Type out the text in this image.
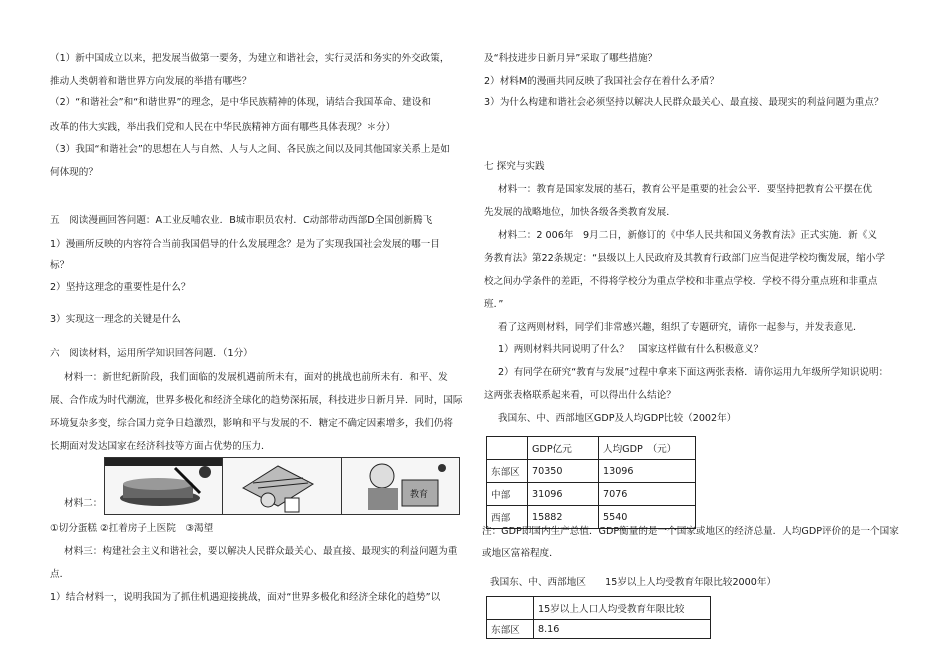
（1）新中国成立以来，把发展当做第一要务，为建立和谐社会，实行灵活和务实的外交政策，
推动人类朝着和谐世界方向发展的举措有哪些？
（2）“和谐社会”和“和谐世界”的理念，是中华民族精神的体现，请结合我国革命、建设和
改革的伟大实践，举出我们党和人民在中华民族精神方面有哪些具体表现？＊分）
（3）我国“和谐社会”的思想在人与自然、人与人之间、各民族之间以及同其他国家关系上是如
何体现的？
五　阅读漫画回答问题：A工业反哺农业．B城市职员农村．C动部带动西部D全国创新腾飞
1）漫画所反映的内容符合当前我国倡导的什么发展理念？是为了实现我国社会发展的哪一目
标？
2）坚持这理念的重要性是什么？
3）实现这一理念的关键是什么
六　阅读材料，运用所学知识回答问题．（1分）
材料一：新世纪新阶段，我们面临的发展机遇前所未有，面对的挑战也前所未有．和平、发
展、合作成为时代潮流，世界多极化和经济全球化的趋势深拓展，科技进步日新月异．同时，国际
环境复杂多变，综合国力竞争日趋激烈，影响和平与发展的不．糖定不确定因素增多，我们仍将
长期面对发达国家在经济科技等方面占优势的压力．
材料二：
①切分蛋糕 ②扛着房子上医院　③渴望
材料三：构建社会主义和谐社会，要以解决人民群众最关心、最直接、最现实的利益问题为重
点．
1）结合材料一，说明我国为了抓住机遇迎接挑战，面对“世界多极化和经济全球化的趋势”以
教育
及“科技进步日新月异”采取了哪些措施？
2）材料M的漫画共同反映了我国社会存在着什么矛盾？
3）为什么构建和谐社会必须坚持以解决人民群众最关心、最直接、最现实的利益问题为重点？
七 探究与实践
材料一：教育是国家发展的基石，教育公平是重要的社会公平．要坚持把教育公平摆在优
先发展的战略地位，加快各级各类教育发展．
材料二：2 006年　9月二日，新修订的《中华人民共和国义务教育法》正式实施．新《义
务教育法》第22条规定：“县级以上人民政府及其教育行政部门应当促进学校均衡发展，缩小学
校之间办学条件的差距，不得将学校分为重点学校和非重点学校．学校不得分重点班和非重点
班．”
看了这两则材料，同学们非常感兴趣，组织了专题研究，请你一起参与，并发表意见．
1）两则材料共同说明了什么？　国家这样做有什么积极意义？
2）有同学在研究“教育与发展”过程中拿来下面这两张表格．请你运用九年级所学知识说明：
这两张表格联系起来看，可以得出什么结论？
我国东、中、西部地区GDP及人均GDP比较（2002年）
	GDP亿元	人均GDP　（元）
东部区	70350	13096
中部	31096	7076
西部	15882	5540
注：GDP即国内生产总值．GDP衡量的是一个国家或地区的经济总量．人均GDP评价的是一个国家
或地区富裕程度．
我国东、中、西部地区　　15岁以上人均受教育年限比较2000年）
	15岁以上人口人均受教育年限比较
东部区	8.16
